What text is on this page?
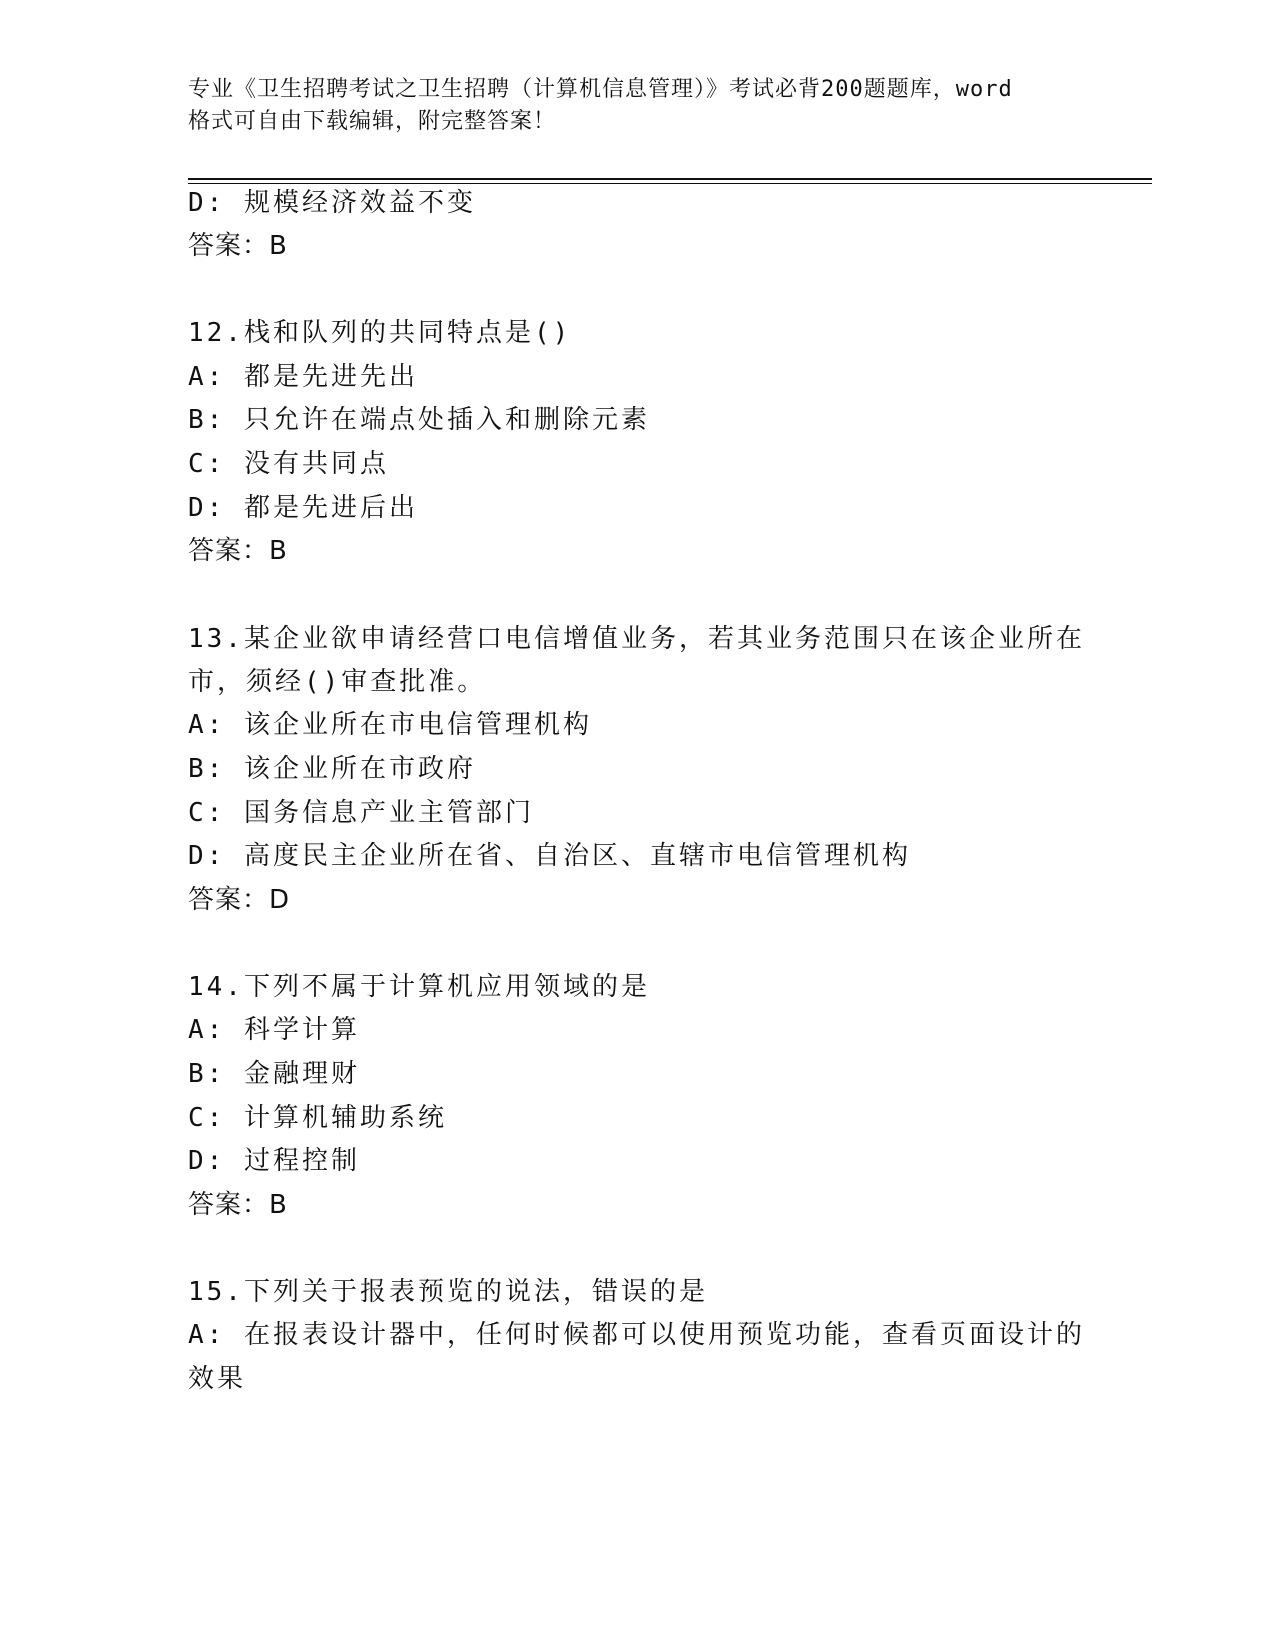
专业《卫生招聘考试之卫生招聘（计算机信息管理）》考试必背200题题库，word
格式可自由下载编辑，附完整答案！
D: 规模经济效益不变
答案：B
12.栈和队列的共同特点是()
A: 都是先进先出
B: 只允许在端点处插入和删除元素
C: 没有共同点
D: 都是先进后出
答案：B
13.某企业欲申请经营口电信增值业务，若其业务范围只在该企业所在
市，须经()审查批准。
A: 该企业所在市电信管理机构
B: 该企业所在市政府
C: 国务信息产业主管部门
D: 高度民主企业所在省、自治区、直辖市电信管理机构
答案：D
14.下列不属于计算机应用领域的是
A: 科学计算
B: 金融理财
C: 计算机辅助系统
D: 过程控制
答案：B
15.下列关于报表预览的说法，错误的是
A: 在报表设计器中，任何时候都可以使用预览功能，查看页面设计的
效果
